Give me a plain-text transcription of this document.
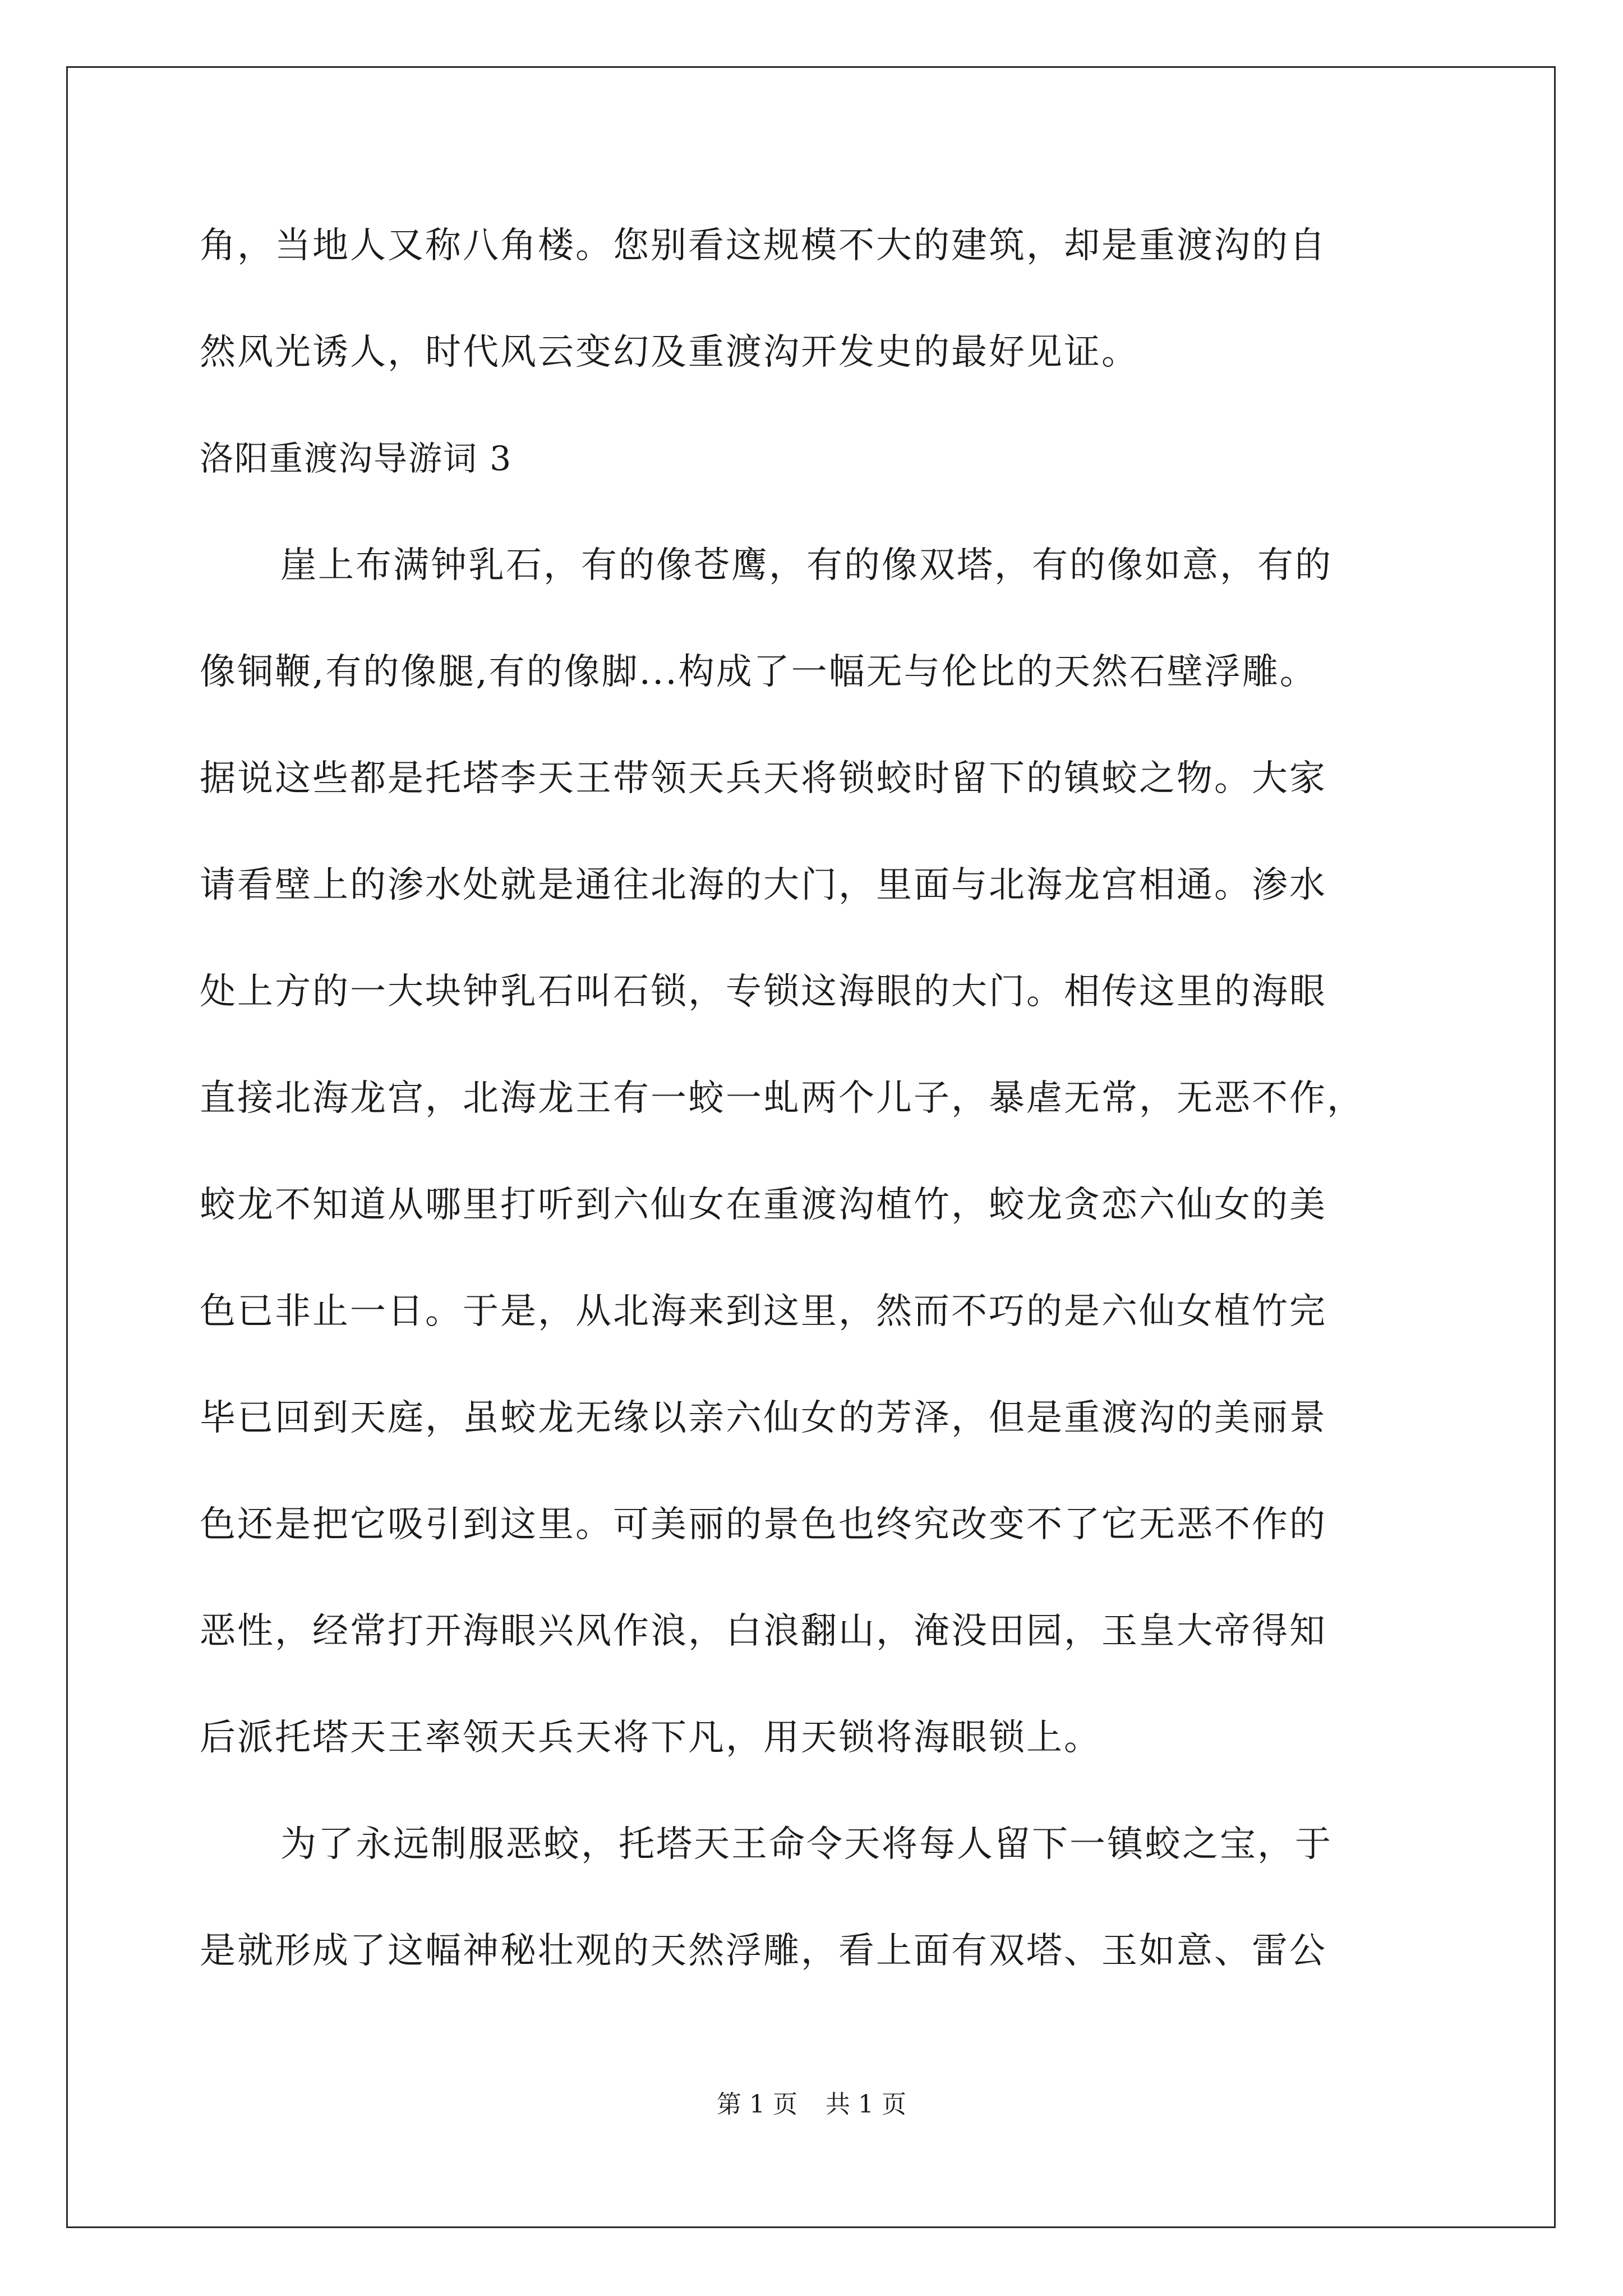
角，当地人又称八角楼。您别看这规模不大的建筑，却是重渡沟的自
然风光诱人，时代风云变幻及重渡沟开发史的最好见证。
洛阳重渡沟导游词 3
崖上布满钟乳石，有的像苍鹰，有的像双塔，有的像如意，有的
像铜鞭,有的像腿,有的像脚...构成了一幅无与伦比的天然石壁浮雕。
据说这些都是托塔李天王带领天兵天将锁蛟时留下的镇蛟之物。大家
请看壁上的渗水处就是通往北海的大门，里面与北海龙宫相通。渗水
处上方的一大块钟乳石叫石锁，专锁这海眼的大门。相传这里的海眼
直接北海龙宫，北海龙王有一蛟一虬两个儿子，暴虐无常，无恶不作，
蛟龙不知道从哪里打听到六仙女在重渡沟植竹，蛟龙贪恋六仙女的美
色已非止一日。于是，从北海来到这里，然而不巧的是六仙女植竹完
毕已回到天庭，虽蛟龙无缘以亲六仙女的芳泽，但是重渡沟的美丽景
色还是把它吸引到这里。可美丽的景色也终究改变不了它无恶不作的
恶性，经常打开海眼兴风作浪，白浪翻山，淹没田园，玉皇大帝得知
后派托塔天王率领天兵天将下凡，用天锁将海眼锁上。
为了永远制服恶蛟，托塔天王命令天将每人留下一镇蛟之宝，于
是就形成了这幅神秘壮观的天然浮雕，看上面有双塔、玉如意、雷公
第 1 页 共 1 页
